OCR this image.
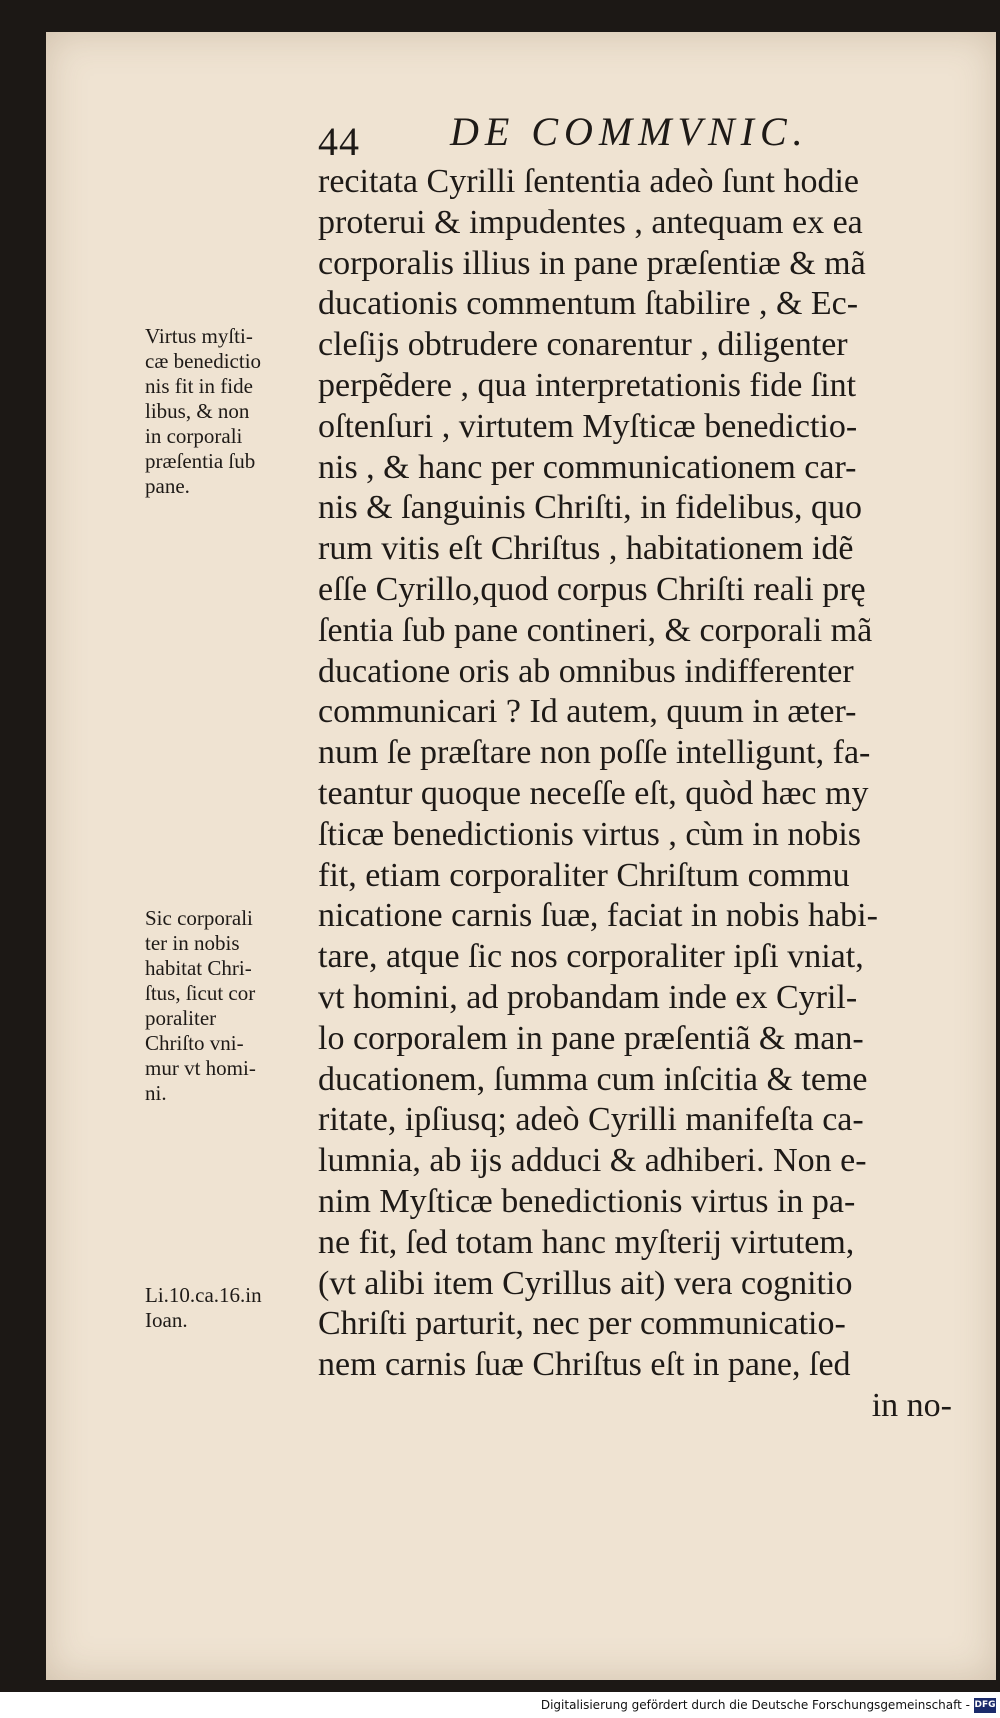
44 DE COMMVNIC.
recitata Cyrilli ſententia adeò ſunt hodie
proterui & impudentes , antequam ex ea
corporalis illius in pane præſentiæ & mã
ducationis commentum ſtabilire , & Ec-
cleſijs obtrudere conarentur , diligenter
perpẽdere , qua interpretationis fide ſint
oſtenſuri , virtutem Myſticæ benedictio-
nis , & hanc per communicationem car-
nis & ſanguinis Chriſti, in fidelibus, quo
rum vitis eſt Chriſtus , habitationem idẽ
eſſe Cyrillo,quod corpus Chriſti reali prę
ſentia ſub pane contineri, & corporali mã
ducatione oris ab omnibus indifferenter
communicari ? Id autem, quum in æter-
num ſe præſtare non poſſe intelligunt, fa-
teantur quoque neceſſe eſt, quòd hæc my
ſticæ benedictionis virtus , cùm in nobis
fit, etiam corporaliter Chriſtum commu
nicatione carnis ſuæ, faciat in nobis habi-
tare, atque ſic nos corporaliter ipſi vniat,
vt homini, ad probandam inde ex Cyril-
lo corporalem in pane præſentiã & man-
ducationem, ſumma cum inſcitia & teme
ritate, ipſiusq; adeò Cyrilli manifeſta ca-
lumnia, ab ijs adduci & adhiberi. Non e-
nim Myſticæ benedictionis virtus in pa-
ne fit, ſed totam hanc myſterij virtutem,
(vt alibi item Cyrillus ait) vera cognitio
Chriſti parturit, nec per communicatio-
nem carnis ſuæ Chriſtus eſt in pane, ſed
in no-
Virtus myſti-
cæ benedictio
nis fit in fide
libus, & non
in corporali
præſentia ſub
pane.
Sic corporali
ter in nobis
habitat Chri-
ſtus, ſicut cor
poraliter
Chriſto vni-
mur vt homi-
ni.
Li.10.ca.16.in
Ioan.
Digitalisierung gefördert durch die Deutsche Forschungsgemeinschaft - DFG
